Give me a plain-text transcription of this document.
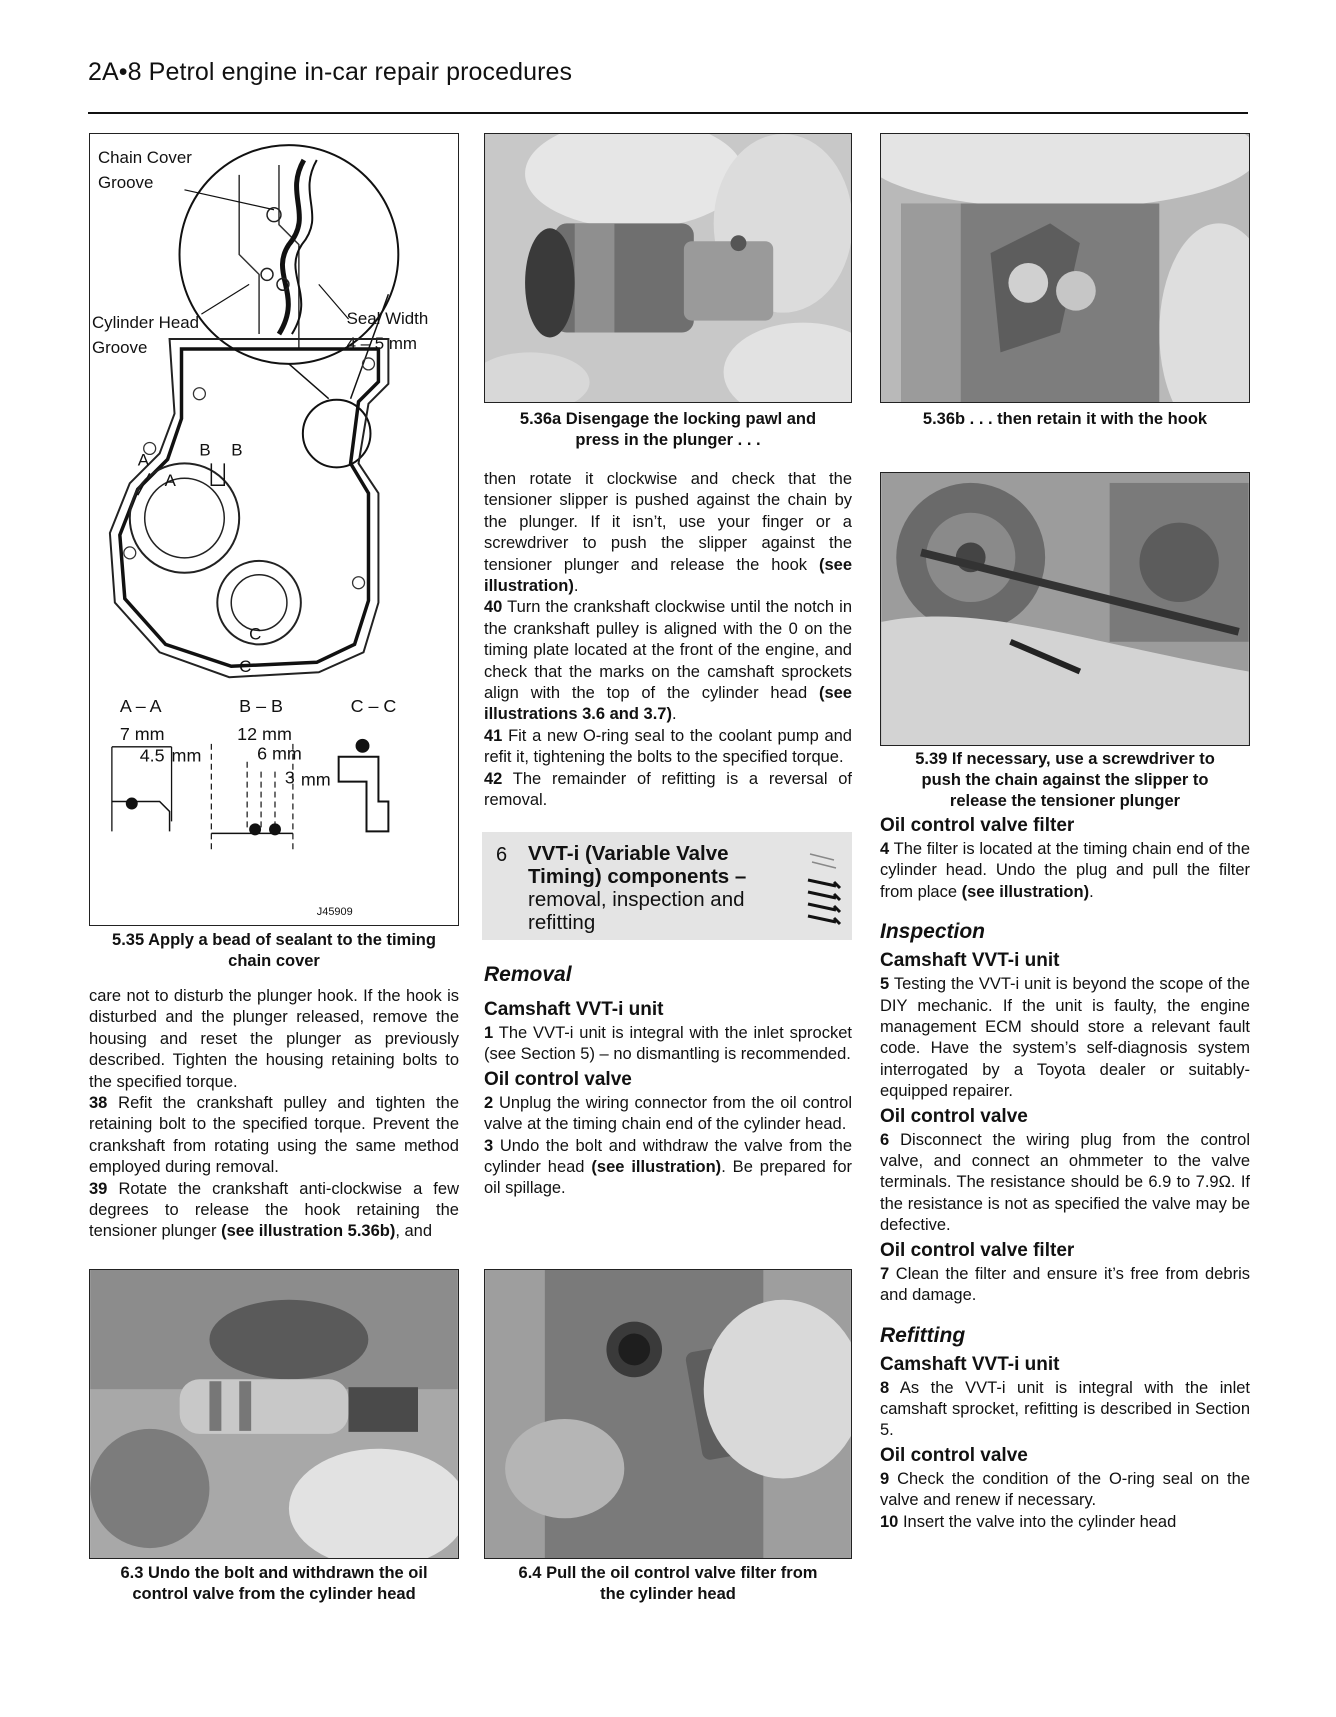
2A•8 Petrol engine in-car repair procedures
Chain Cover
Groove
Cylinder Head
Groove
Seal Width
4 – 5 mm
A
A
B B
C
C
A – A	B – B	C – C
7 mm
4.5 mm
12 mm
6 mm
3 mm
J45909
5.35 Apply a bead of sealant to the timing chain cover
5.36a Disengage the locking pawl and press in the plunger . . .
5.36b . . . then retain it with the hook
5.39 If necessary, use a screwdriver to push the chain against the slipper to release the tensioner plunger
6.3 Undo the bolt and withdrawn the oil control valve from the cylinder head
6.4 Pull the oil control valve filter from the cylinder head

care not to disturb the plunger hook. If the hook is disturbed and the plunger released, remove the housing and reset the plunger as previously described. Tighten the housing retaining bolts to the specified torque.

38 Refit the crankshaft pulley and tighten the retaining bolt to the specified torque. Prevent the crankshaft from rotating using the same method employed during removal.

39 Rotate the crankshaft anti-clockwise a few degrees to release the hook retaining the tensioner plunger (see illustration 5.36b), and

then rotate it clockwise and check that the tensioner slipper is pushed against the chain by the plunger. If it isn’t, use your finger or a screwdriver to push the slipper against the tensioner plunger and release the hook (see illustration).

40 Turn the crankshaft clockwise until the notch in the crankshaft pulley is aligned with the 0 on the timing plate located at the front of the engine, and check that the marks on the camshaft sprockets align with the top of the cylinder head (see illustrations 3.6 and 3.7).

41 Fit a new O-ring seal to the coolant pump and refit it, tightening the bolts to the specified torque.

42 The remainder of refitting is a reversal of removal.

6 VVT-i (Variable Valve Timing) components – removal, inspection and refitting

Removal

Camshaft VVT-i unit

1 The VVT-i unit is integral with the inlet sprocket (see Section 5) – no dismantling is recommended.

Oil control valve

2 Unplug the wiring connector from the oil control valve at the timing chain end of the cylinder head.

3 Undo the bolt and withdraw the valve from the cylinder head (see illustration). Be prepared for oil spillage.

Oil control valve filter

4 The filter is located at the timing chain end of the cylinder head. Undo the plug and pull the filter from place (see illustration).

Inspection

Camshaft VVT-i unit

5 Testing the VVT-i unit is beyond the scope of the DIY mechanic. If the unit is faulty, the engine management ECM should store a relevant fault code. Have the system’s self-diagnosis system interrogated by a Toyota dealer or suitably-equipped repairer.

Oil control valve

6 Disconnect the wiring plug from the control valve, and connect an ohmmeter to the valve terminals. The resistance should be 6.9 to 7.9Ω. If the resistance is not as specified the valve may be defective.

Oil control valve filter

7 Clean the filter and ensure it’s free from debris and damage.

Refitting

Camshaft VVT-i unit

8 As the VVT-i unit is integral with the inlet camshaft sprocket, refitting is described in Section 5.

Oil control valve

9 Check the condition of the O-ring seal on the valve and renew if necessary.

10 Insert the valve into the cylinder head
